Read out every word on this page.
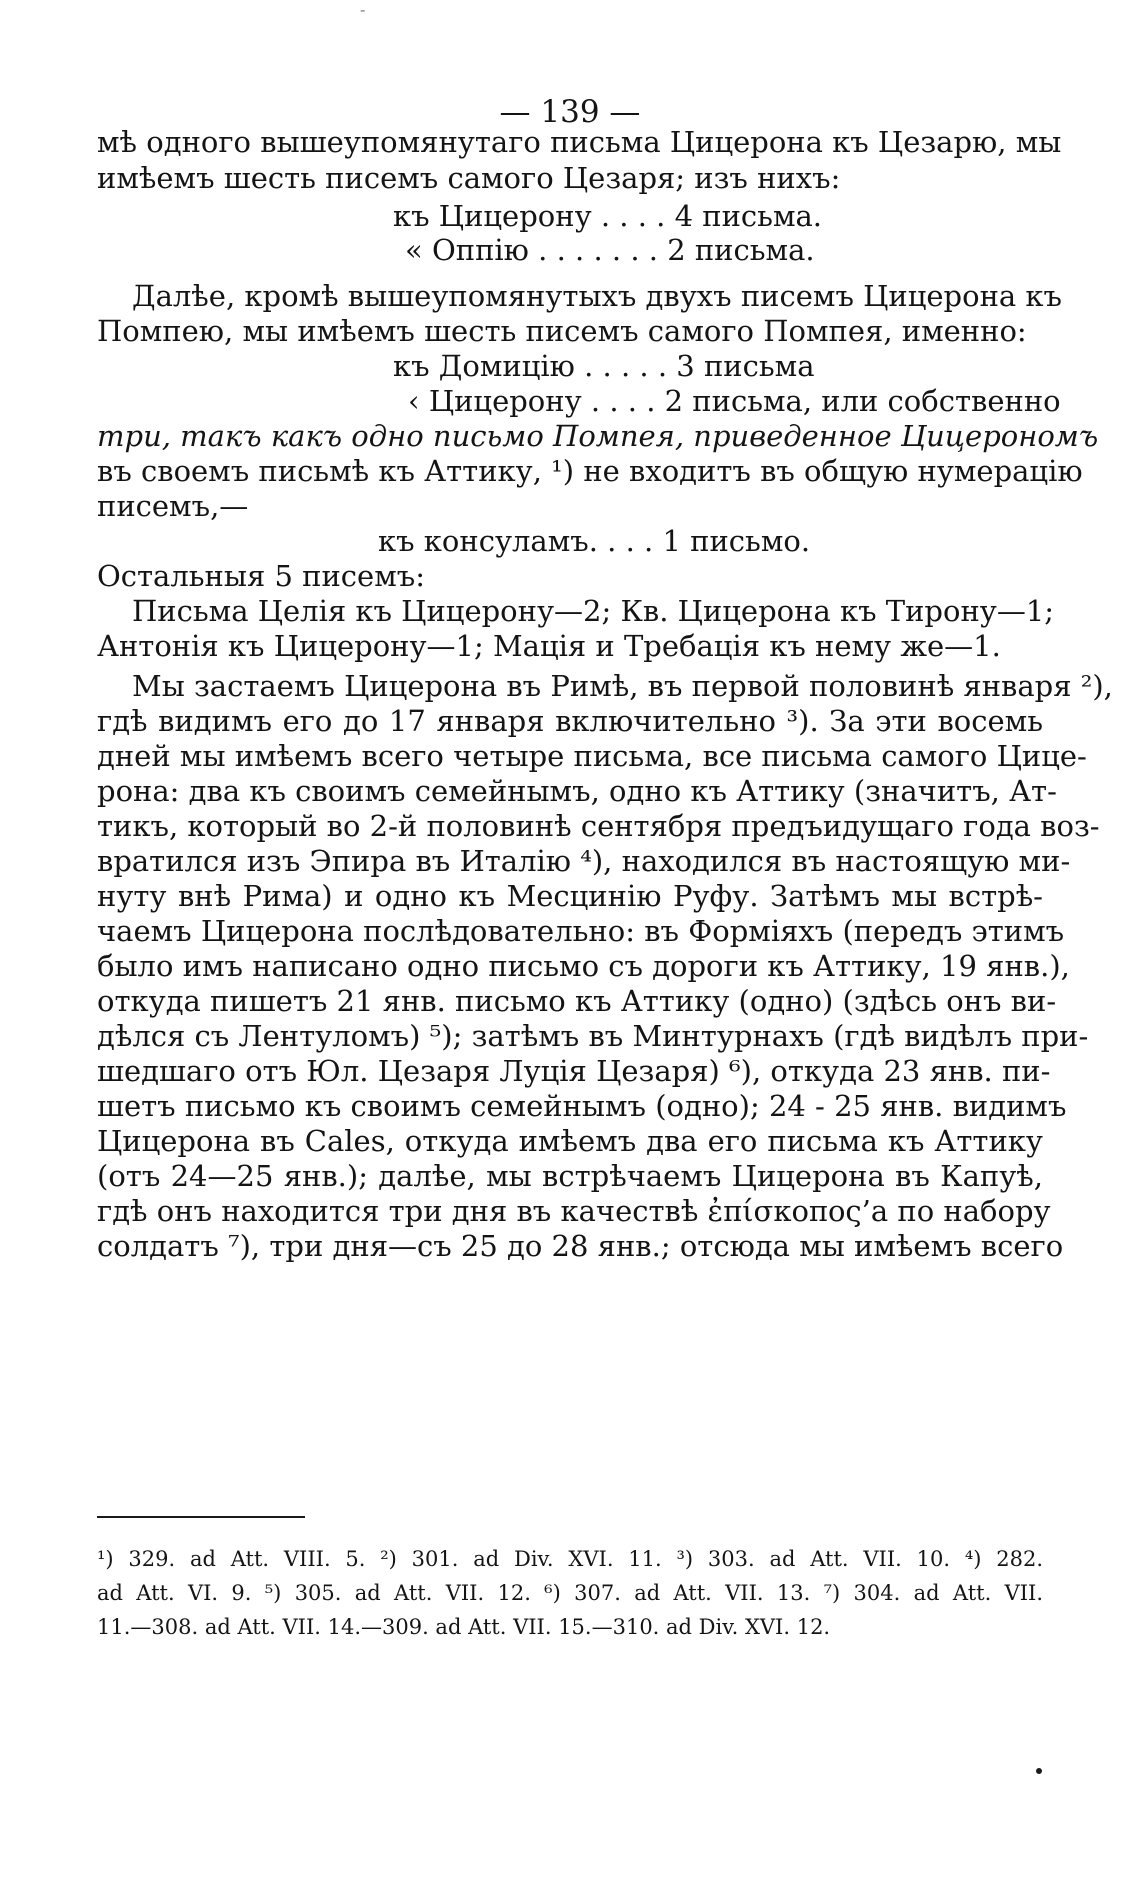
-
— 139 —
мѣ одного вышеупомянутаго письма Цицерона къ Цезарю, мы
имѣемъ шесть писемъ самого Цезаря; изъ нихъ:
къ Цицерону . . . . 4 письма.
« Оппію . . . . . . . 2 письма.
Далѣе, кромѣ вышеупомянутыхъ двухъ писемъ Цицерона къ
Помпею, мы имѣемъ шесть писемъ самого Помпея, именно:
къ Домицію . . . . . 3 письма
‹ Цицерону . . . . 2 письма, или собственно
три, такъ какъ одно письмо Помпея, приведенное Цицерономъ
въ своемъ письмѣ къ Аттику, ¹) не входитъ въ общую нумерацію
писемъ,—
къ консуламъ. . . . 1 письмо.
Остальныя 5 писемъ:
Письма Целія къ Цицерону—2; Кв. Цицерона къ Тирону—1;
Антонія къ Цицерону—1; Мація и Требація къ нему же—1.
Мы застаемъ Цицерона въ Римѣ, въ первой половинѣ января ²),
гдѣ видимъ его до 17 января включительно ³). За эти восемь
дней мы имѣемъ всего четыре письма, все письма самого Цице-
рона: два къ своимъ семейнымъ, одно къ Аттику (значитъ, Ат-
тикъ, который во 2-й половинѣ сентября предъидущаго года воз-
вратился изъ Эпира въ Италію ⁴), находился въ настоящую ми-
нуту внѣ Рима) и одно къ Месцинію Руфу. Затѣмъ мы встрѣ-
чаемъ Цицерона послѣдовательно: въ Формiяхъ (передъ этимъ
было имъ написано одно письмо съ дороги къ Аттику, 19 янв.),
откуда пишетъ 21 янв. письмо къ Аттику (одно) (здѣсь онъ ви-
дѣлся съ Лентуломъ) ⁵); затѣмъ въ Минтурнахъ (гдѣ видѣлъ при-
шедшаго отъ Юл. Цезаря Луція Цезаря) ⁶), откуда 23 янв. пи-
шетъ письмо къ своимъ семейнымъ (одно); 24 - 25 янв. видимъ
Цицерона въ Cales, откуда имѣемъ два его письма къ Аттику
(отъ 24—25 янв.); далѣе, мы встрѣчаемъ Цицерона въ Капуѣ,
гдѣ онъ находится три дня въ качествѣ ἐπίσκοπος’а по набору
солдатъ ⁷), три дня—съ 25 до 28 янв.; отсюда мы имѣемъ всего
¹) 329. ad Att. VIII. 5. ²) 301. ad Div. XVI. 11. ³) 303. ad Att. VII. 10. ⁴) 282.
ad Att. VI. 9. ⁵) 305. ad Att. VII. 12. ⁶) 307. ad Att. VII. 13. ⁷) 304. ad Att. VII.
11.—308. ad Att. VII. 14.—309. ad Att. VII. 15.—310. ad Div. XVI. 12.
